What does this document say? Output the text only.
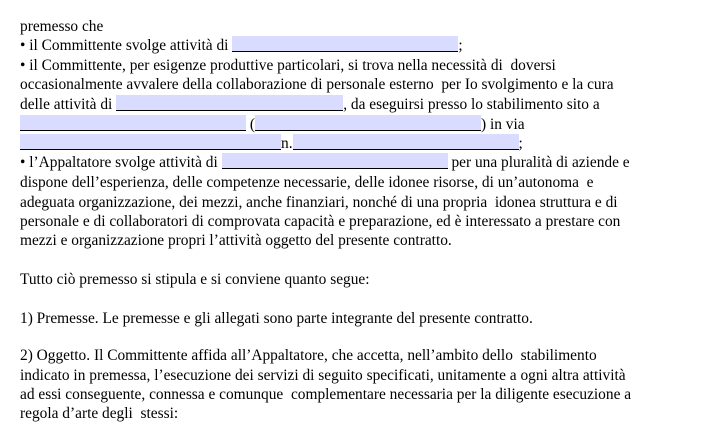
premesso che
• il Committente svolge attività di	;
• il Committente, per esigenze produttive particolari, si trova nella necessità di  doversi
occasionalmente avvalere della collaborazione di personale esterno  per Io svolgimento e la cura
delle attività di	, da eseguirsi presso lo stabilimento sito a
(	) in via
n.	;
• l’Appaltatore svolge attività di	per una pluralità di aziende e
dispone dell’esperienza, delle competenze necessarie, delle idonee risorse, di un’autonoma  e
adeguata organizzazione, dei mezzi, anche finanziari, nonché di una propria  idonea struttura e di
personale e di collaboratori di comprovata capacità e preparazione, ed è interessato a prestare con
mezzi e organizzazione propri l’attività oggetto del presente contratto.
Tutto ciò premesso si stipula e si conviene quanto segue:
1) Premesse. Le premesse e gli allegati sono parte integrante del presente contratto.
2) Oggetto. Il Committente affida all’Appaltatore, che accetta, nell’ambito dello  stabilimento
indicato in premessa, l’esecuzione dei servizi di seguito specificati, unitamente a ogni altra attività
ad essi conseguente, connessa e comunque  complementare necessaria per la diligente esecuzione a
regola d’arte degli  stessi:
